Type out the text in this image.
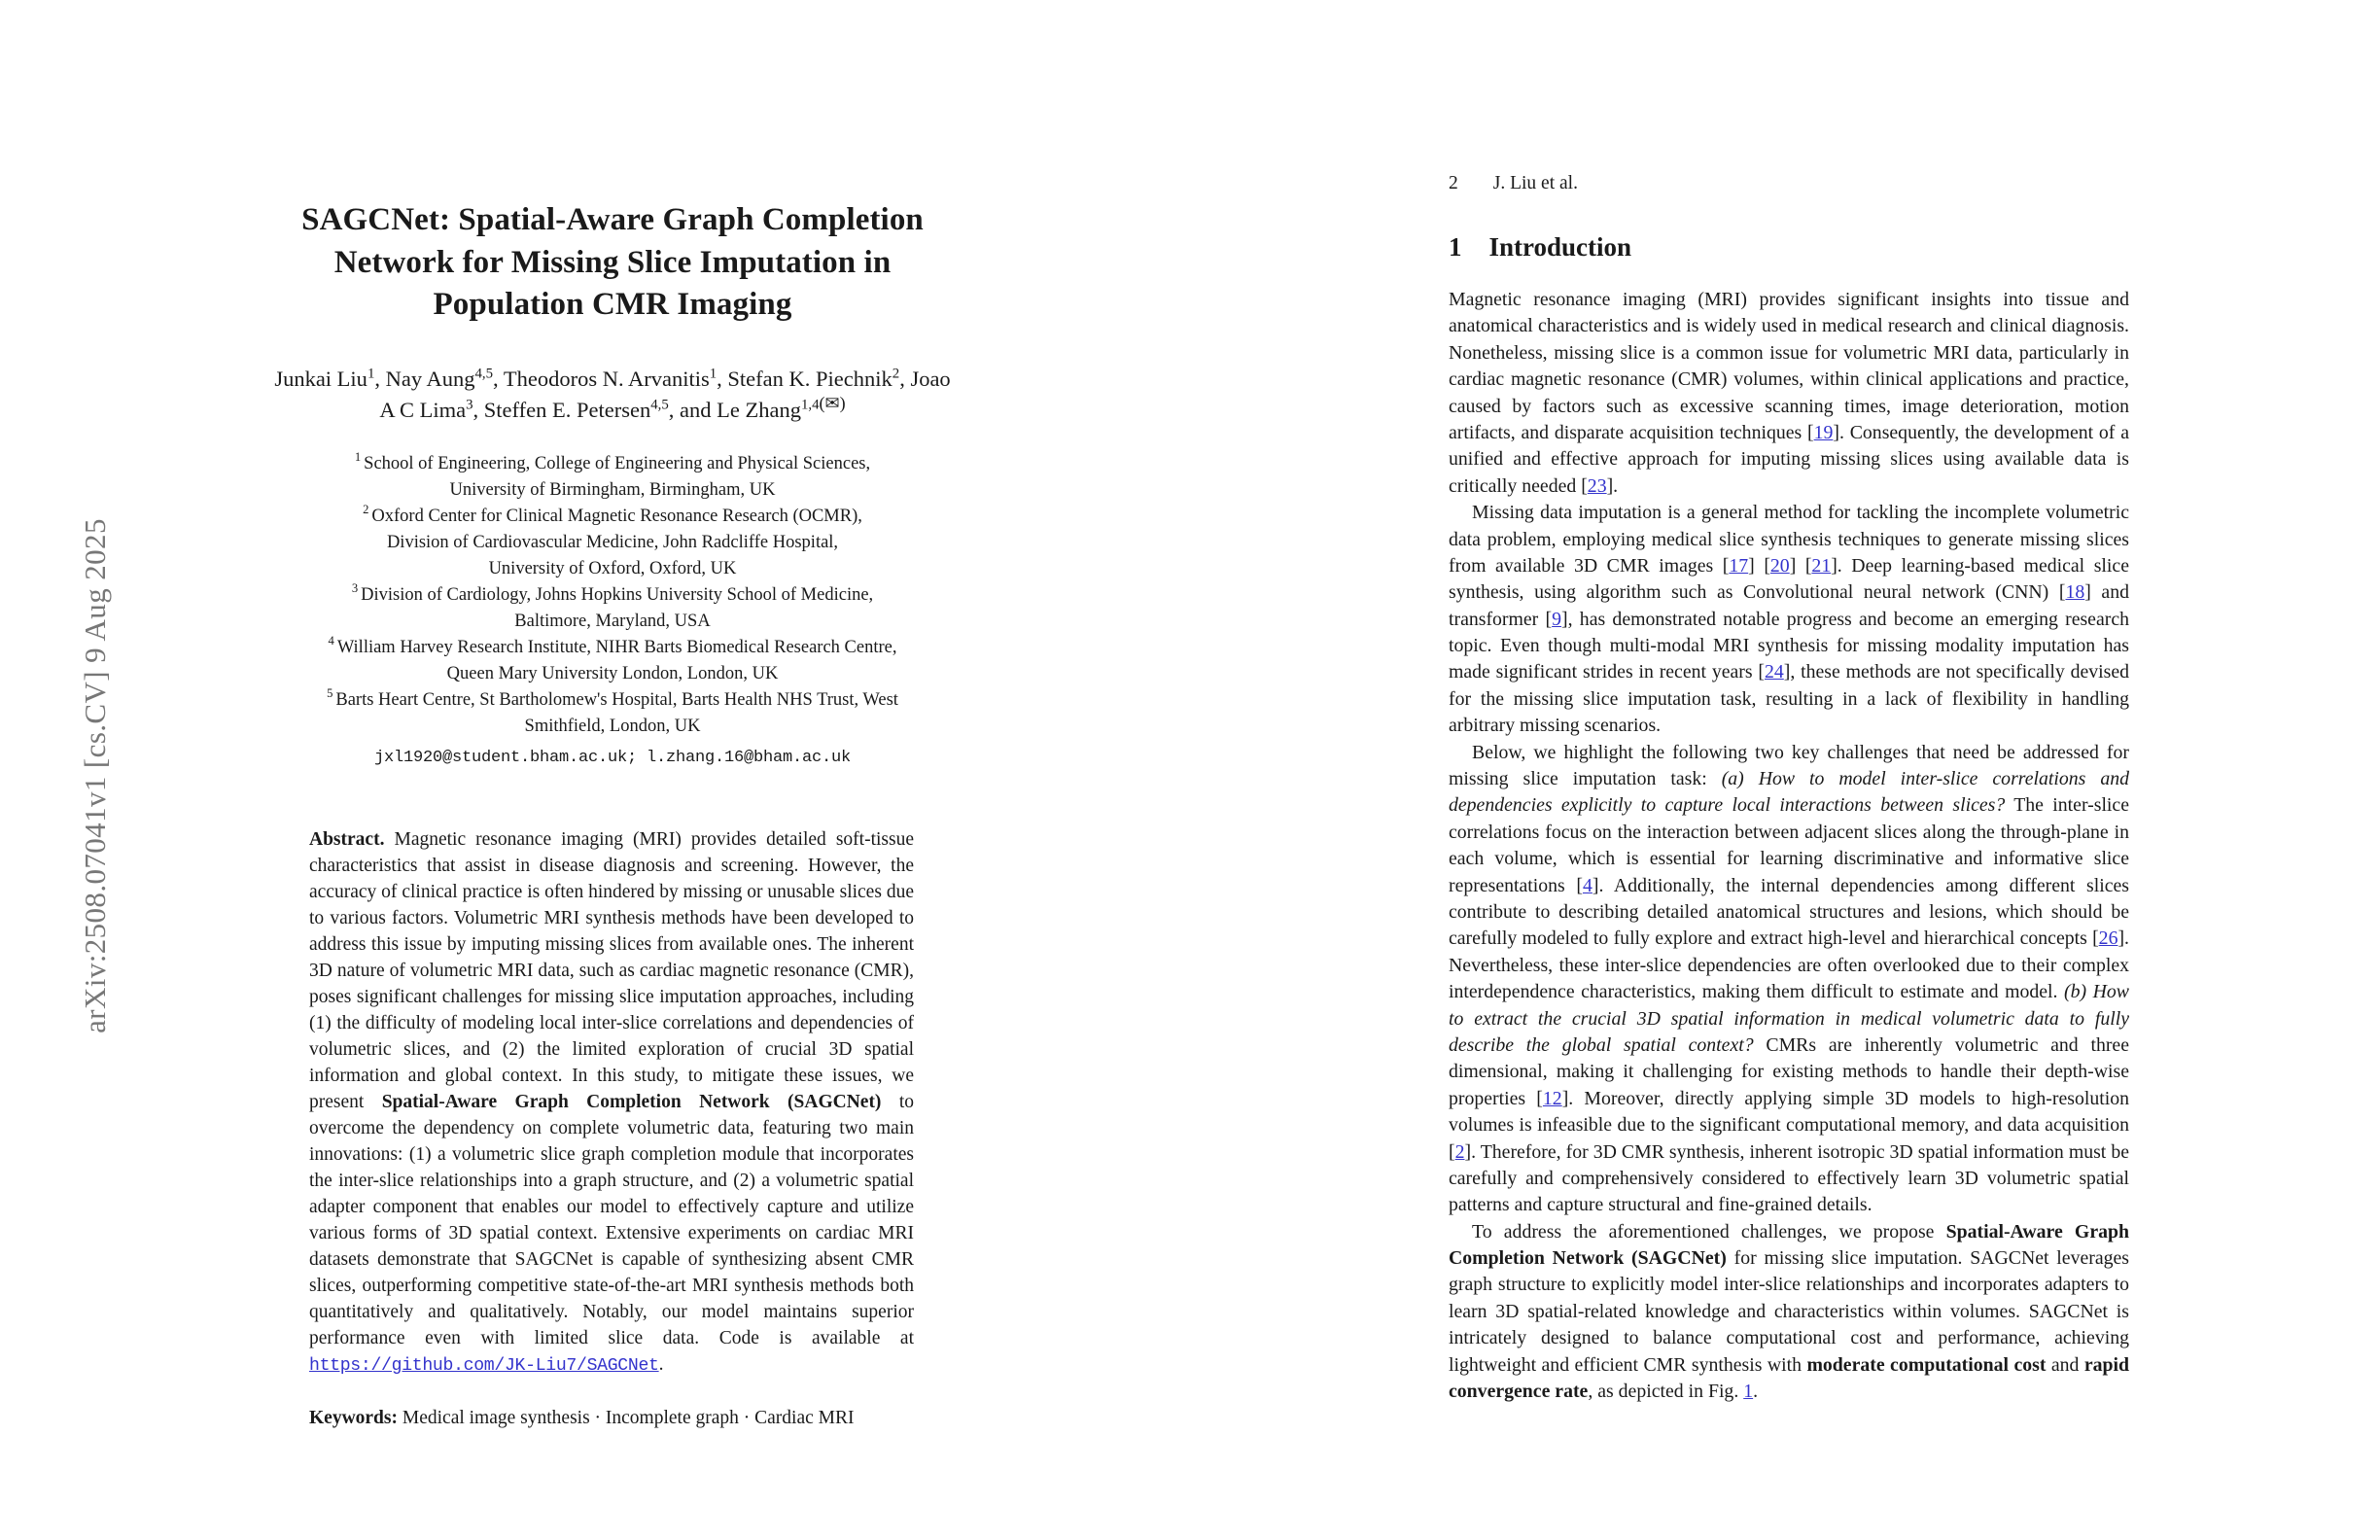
arXiv:2508.07041v1 [cs.CV] 9 Aug 2025
SAGCNet: Spatial-Aware Graph Completion
Network for Missing Slice Imputation in
Population CMR Imaging
Junkai Liu$^1$, Nay Aung$^{4,5}$, Theodoros N. Arvanitis$^1$, Stefan K. Piechnik$^2$, Joao
A C Lima$^3$, Steffen E. Petersen$^{4,5}$, and Le Zhang$^{1,4(✉)}$
$^1$ School of Engineering, College of Engineering and Physical Sciences,
University of Birmingham, Birmingham, UK
$^2$ Oxford Center for Clinical Magnetic Resonance Research (OCMR),
Division of Cardiovascular Medicine, John Radcliffe Hospital,
University of Oxford, Oxford, UK
$^3$ Division of Cardiology, Johns Hopkins University School of Medicine,
Baltimore, Maryland, USA
$^4$ William Harvey Research Institute, NIHR Barts Biomedical Research Centre,
Queen Mary University London, London, UK
$^5$ Barts Heart Centre, St Bartholomew's Hospital, Barts Health NHS Trust, West
Smithfield, London, UK
jxl1920@student.bham.ac.uk; l.zhang.16@bham.ac.uk
Abstract. Magnetic resonance imaging (MRI) provides detailed soft-tissue characteristics that assist in disease diagnosis and screening. However, the accuracy of clinical practice is often hindered by missing or unusable slices due to various factors. Volumetric MRI synthesis methods have been developed to address this issue by imputing missing slices from available ones. The inherent 3D nature of volumetric MRI data, such as cardiac magnetic resonance (CMR), poses significant challenges for missing slice imputation approaches, including (1) the difficulty of modeling local inter-slice correlations and dependencies of volumetric slices, and (2) the limited exploration of crucial 3D spatial information and global context. In this study, to mitigate these issues, we present Spatial-Aware Graph Completion Network (SAGCNet) to overcome the dependency on complete volumetric data, featuring two main innovations: (1) a volumetric slice graph completion module that incorporates the inter-slice relationships into a graph structure, and (2) a volumetric spatial adapter component that enables our model to effectively capture and utilize various forms of 3D spatial context. Extensive experiments on cardiac MRI datasets demonstrate that SAGCNet is capable of synthesizing absent CMR slices, outperforming competitive state-of-the-art MRI synthesis methods both quantitatively and qualitatively. Notably, our model maintains superior performance even with limited slice data. Code is available at https://github.com/JK-Liu7/SAGCNet.
Keywords: Medical image synthesis · Incomplete graph · Cardiac MRI
2 J. Liu et al.
1 Introduction
Magnetic resonance imaging (MRI) provides significant insights into tissue and anatomical characteristics and is widely used in medical research and clinical diagnosis. Nonetheless, missing slice is a common issue for volumetric MRI data, particularly in cardiac magnetic resonance (CMR) volumes, within clinical applications and practice, caused by factors such as excessive scanning times, image deterioration, motion artifacts, and disparate acquisition techniques [19]. Consequently, the development of a unified and effective approach for imputing missing slices using available data is critically needed [23].
Missing data imputation is a general method for tackling the incomplete volumetric data problem, employing medical slice synthesis techniques to generate missing slices from available 3D CMR images [17] [20] [21]. Deep learning-based medical slice synthesis, using algorithm such as Convolutional neural network (CNN) [18] and transformer [9], has demonstrated notable progress and become an emerging research topic. Even though multi-modal MRI synthesis for missing modality imputation has made significant strides in recent years [24], these methods are not specifically devised for the missing slice imputation task, resulting in a lack of flexibility in handling arbitrary missing scenarios.
Below, we highlight the following two key challenges that need be addressed for missing slice imputation task: (a) How to model inter-slice correlations and dependencies explicitly to capture local interactions between slices? The inter-slice correlations focus on the interaction between adjacent slices along the through-plane in each volume, which is essential for learning discriminative and informative slice representations [4]. Additionally, the internal dependencies among different slices contribute to describing detailed anatomical structures and lesions, which should be carefully modeled to fully explore and extract high-level and hierarchical concepts [26]. Nevertheless, these inter-slice dependencies are often overlooked due to their complex interdependence characteristics, making them difficult to estimate and model. (b) How to extract the crucial 3D spatial information in medical volumetric data to fully describe the global spatial context? CMRs are inherently volumetric and three dimensional, making it challenging for existing methods to handle their depth-wise properties [12]. Moreover, directly applying simple 3D models to high-resolution volumes is infeasible due to the significant computational memory, and data acquisition [2]. Therefore, for 3D CMR synthesis, inherent isotropic 3D spatial information must be carefully and comprehensively considered to effectively learn 3D volumetric spatial patterns and capture structural and fine-grained details.
To address the aforementioned challenges, we propose Spatial-Aware Graph Completion Network (SAGCNet) for missing slice imputation. SAGCNet leverages graph structure to explicitly model inter-slice relationships and incorporates adapters to learn 3D spatial-related knowledge and characteristics within volumes. SAGCNet is intricately designed to balance computational cost and performance, achieving lightweight and efficient CMR synthesis with moderate computational cost and rapid convergence rate, as depicted in Fig. 1.
